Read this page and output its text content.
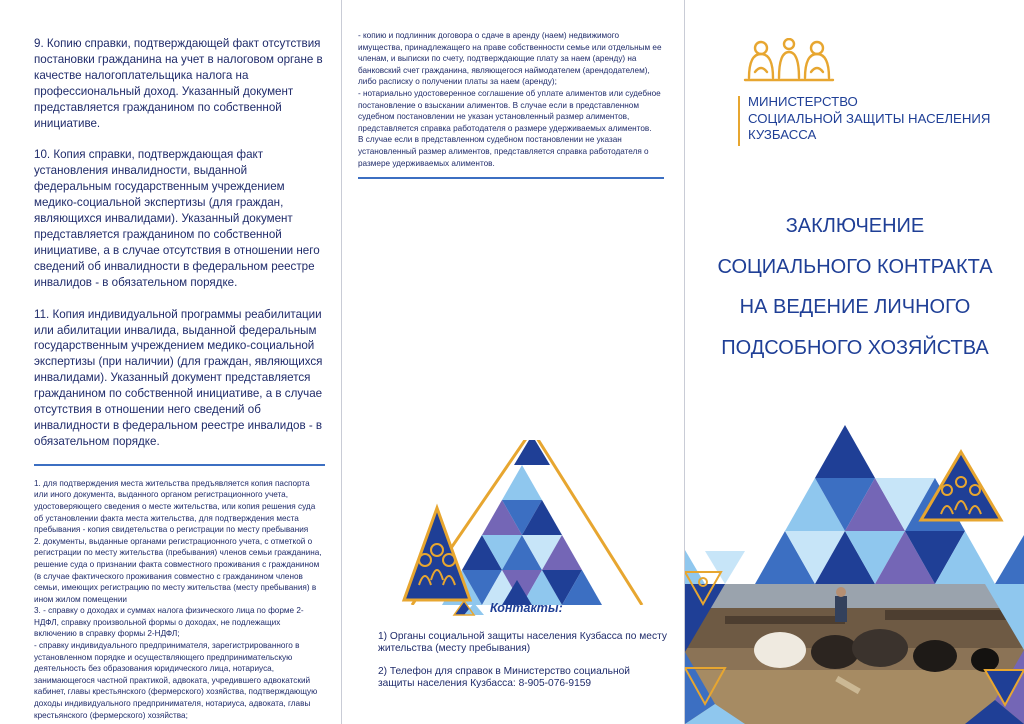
9. Копию справки, подтверждающей факт отсутствия постановки гражданина на учет в налоговом органе в качестве налогоплательщика налога на профессиональный доход. Указанный документ представляется гражданином по собственной инициативе.

10. Копия справки, подтверждающая факт установления инвалидности, выданной федеральным государственным учреждением медико-социальной экспертизы (для граждан, являющихся инвалидами). Указанный документ представляется гражданином по собственной инициативе, а в случае отсутствия в отношении него сведений об инвалидности в федеральном реестре инвалидов - в обязательном порядке.

11. Копия индивидуальной программы реабилитации или абилитации инвалида, выданной федеральным государственным учреждением медико-социальной экспертизы (при наличии) (для граждан, являющихся инвалидами). Указанный документ представляется гражданином по собственной инициативе, а в случае отсутствия в отношении него сведений об инвалидности в федеральном реестре инвалидов - в обязательном порядке.

1. для подтверждения места жительства предъявляется копия паспорта или иного документа, выданного органом регистрационного учета, удостоверяющего сведения о месте жительства, или копия решения суда об установлении факта места жительства, для подтверждения места пребывания - копия свидетельства о регистрации по месту пребывания
2. документы, выданные органами регистрационного учета, с отметкой о регистрации по месту жительства (пребывания) членов семьи гражданина, решение суда о признании факта совместного проживания с гражданином (в случае фактического проживания совместно с гражданином членов семьи, имеющих регистрацию по месту жительства (месту пребывания) в ином жилом помещении
3. - справку о доходах и суммах налога физического лица по форме 2-НДФЛ, справку произвольной формы о доходах, не подлежащих включению в справку формы 2-НДФЛ;
- справку индивидуального предпринимателя, зарегистрированного в установленном порядке и осуществляющего предпринимательскую деятельность без образования юридического лица, нотариуса, занимающегося частной практикой, адвоката, учредившего адвокатский кабинет, главы крестьянского (фермерского) хозяйства, подтверждающую доходы индивидуального предпринимателя, нотариуса, адвоката, главы крестьянского (фермерского) хозяйства;
- копию и подлинник договора о сдаче в аренду (наем) недвижимого имущества, принадлежащего на праве собственности семье или отдельным ее членам, и выписки по счету, подтверждающие плату за наем (аренду) на банковский счет гражданина, являющегося наймодателем (арендодателем), либо расписку о получении платы за наем (аренду);
- нотариально удостоверенное соглашение об уплате алиментов или судебное постановление о взыскании алиментов. В случае если в представленном судебном постановлении не указан установленный размер алиментов, представляется справка работодателя о размере удерживаемых алиментов.
В случае если в представленном судебном постановлении не указан установленный размер алиментов, представляется справка работодателя о размере удерживаемых алиментов.
Контакты:
1) Органы социальной защиты населения Кузбасса по месту жительства (месту пребывания)
2) Телефон для справок в Министерство социальной защиты населения Кузбасса: 8-905-076-9159
МИНИСТЕРСТВО
СОЦИАЛЬНОЙ ЗАЩИТЫ НАСЕЛЕНИЯ
КУЗБАССА
ЗАКЛЮЧЕНИЕ
СОЦИАЛЬНОГО КОНТРАКТА
НА ВЕДЕНИЕ ЛИЧНОГО
ПОДСОБНОГО ХОЗЯЙСТВА
